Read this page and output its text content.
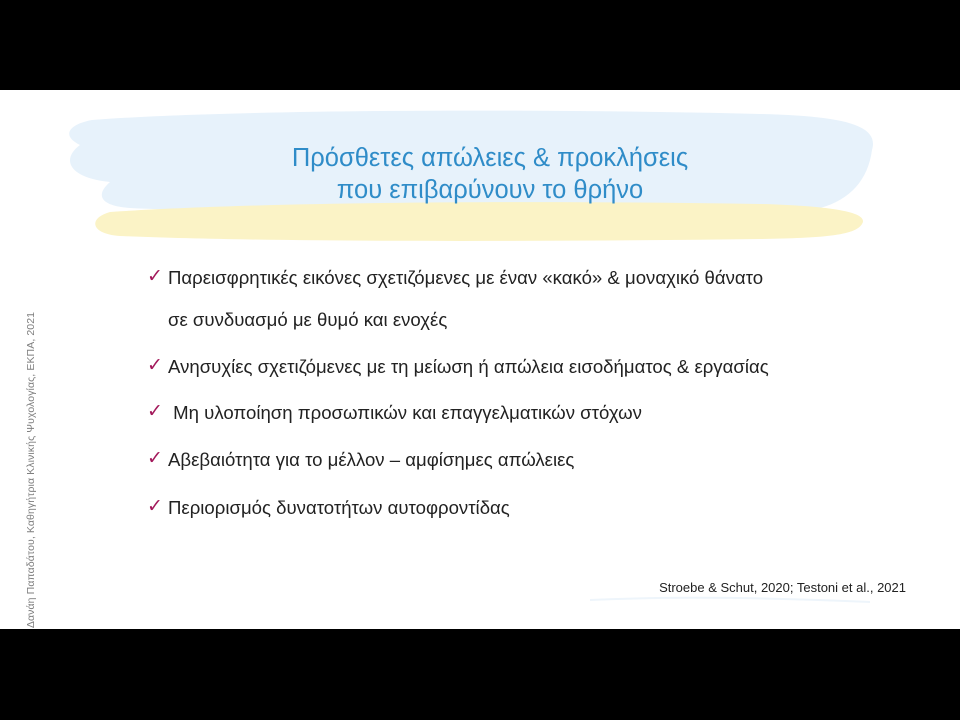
Δανάη Παπαδάτου, Καθηγήτρια Κλινικής Ψυχολογίας, ΕΚΠΑ, 2021
Πρόσθετες απώλειες & προκλήσεις
που επιβαρύνουν το θρήνο
✓ Παρεισφρητικές εικόνες σχετιζόμενες με έναν «κακό» & μοναχικό θάνατο
σε συνδυασμό με θυμό και ενοχές
✓ Ανησυχίες σχετιζόμενες με τη μείωση ή απώλεια εισοδήματος & εργασίας
✓ Μη υλοποίηση προσωπικών και επαγγελματικών στόχων
✓ Αβεβαιότητα για το μέλλον – αμφίσημες απώλειες
✓ Περιορισμός δυνατοτήτων αυτοφροντίδας
Stroebe & Schut, 2020; Testoni et al., 2021
